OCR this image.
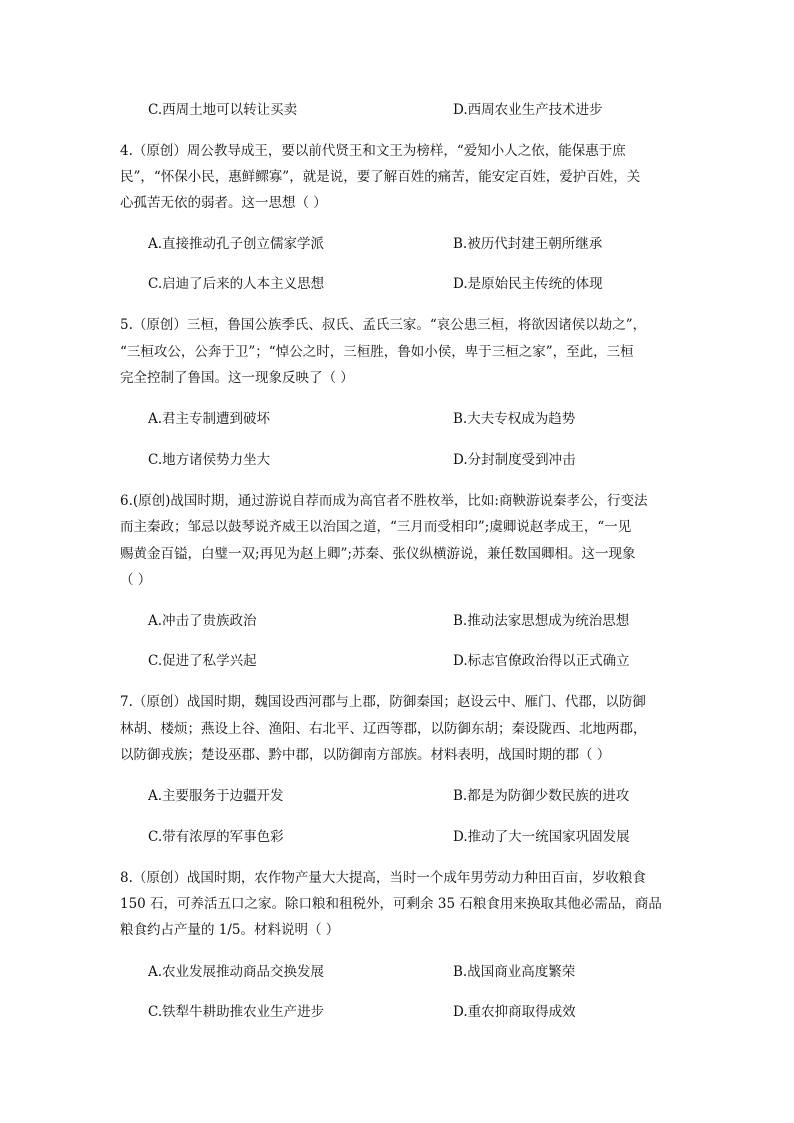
C.西周土地可以转让买卖	D.西周农业生产技术进步
4.（原创）周公教导成王，要以前代贤王和文王为榜样，“爱知小人之依，能保惠于庶
民”，“怀保小民，惠鲜鳏寡”，就是说，要了解百姓的痛苦，能安定百姓，爱护百姓，关
心孤苦无依的弱者。这一思想（ ）
A.直接推动孔子创立儒家学派	B.被历代封建王朝所继承
C.启迪了后来的人本主义思想	D.是原始民主传统的体现
5.（原创）三桓，鲁国公族季氏、叔氏、孟氏三家。“哀公患三桓，将欲因诸侯以劫之”，
“三桓攻公，公奔于卫”；“悼公之时，三桓胜，鲁如小侯，卑于三桓之家”，至此，三桓
完全控制了鲁国。这一现象反映了（ ）
A.君主专制遭到破坏	B.大夫专权成为趋势
C.地方诸侯势力坐大	D.分封制度受到冲击
6.(原创)战国时期，通过游说自荐而成为高官者不胜枚举，比如:商鞅游说秦孝公，行变法
而主秦政；邹忌以鼓琴说齐威王以治国之道，“三月而受相印”;虞卿说赵孝成王，“一见
赐黄金百镒，白璧一双;再见为赵上卿”;苏秦、张仪纵横游说，兼任数国卿相。这一现象
（ ）
A.冲击了贵族政治	B.推动法家思想成为统治思想
C.促进了私学兴起	D.标志官僚政治得以正式确立
7.（原创）战国时期，魏国设西河郡与上郡，防御秦国；赵设云中、雁门、代郡，以防御
林胡、楼烦；燕设上谷、渔阳、右北平、辽西等郡，以防御东胡；秦设陇西、北地两郡，
以防御戎族；楚设巫郡、黔中郡，以防御南方部族。材料表明，战国时期的郡（ ）
A.主要服务于边疆开发	B.都是为防御少数民族的进攻
C.带有浓厚的军事色彩	D.推动了大一统国家巩固发展
8.（原创）战国时期，农作物产量大大提高，当时一个成年男劳动力种田百亩，岁收粮食
150 石，可养活五口之家。除口粮和租税外，可剩余 35 石粮食用来换取其他必需品，商品
粮食约占产量的 1/5。材料说明（ ）
A.农业发展推动商品交换发展	B.战国商业高度繁荣
C.铁犁牛耕助推农业生产进步	D.重农抑商取得成效
